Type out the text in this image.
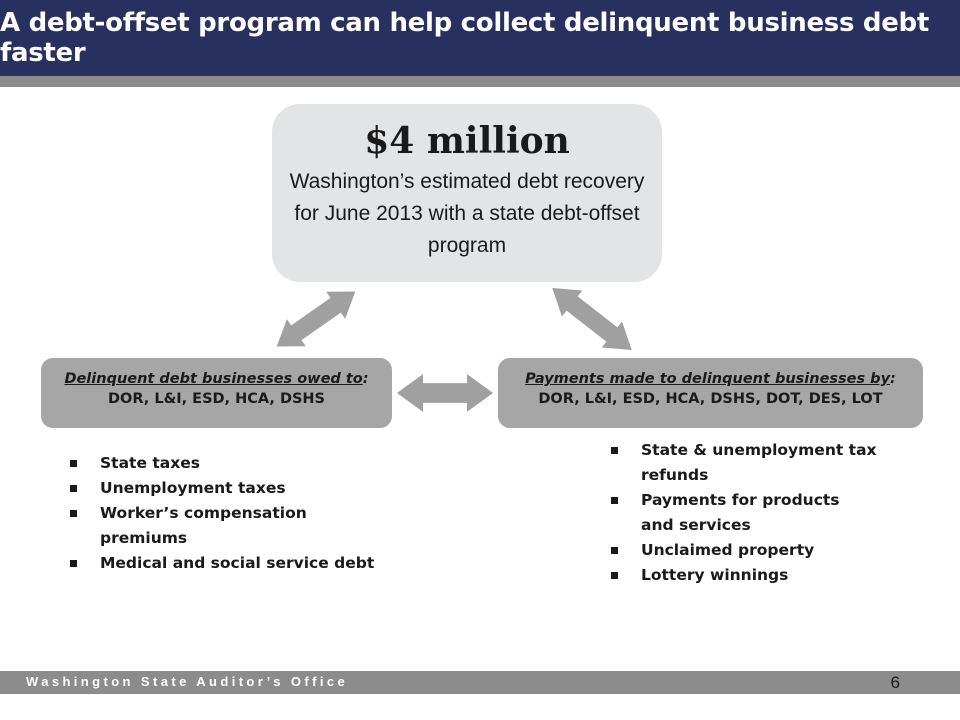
A debt-offset program can help collect delinquent business debt faster
$4 million
Washington’s estimated debt recovery for June 2013 with a state debt-offset program
Delinquent debt businesses owed to:
DOR, L&I, ESD, HCA, DSHS
Payments made to delinquent businesses by:
DOR, L&I, ESD, HCA, DSHS, DOT, DES, LOT
State taxes
Unemployment taxes
Worker’s compensation premiums
Medical and social service debt
State & unemployment tax refunds
Payments for products and services
Unclaimed property
Lottery winnings
Washington State Auditor’s Office	6
